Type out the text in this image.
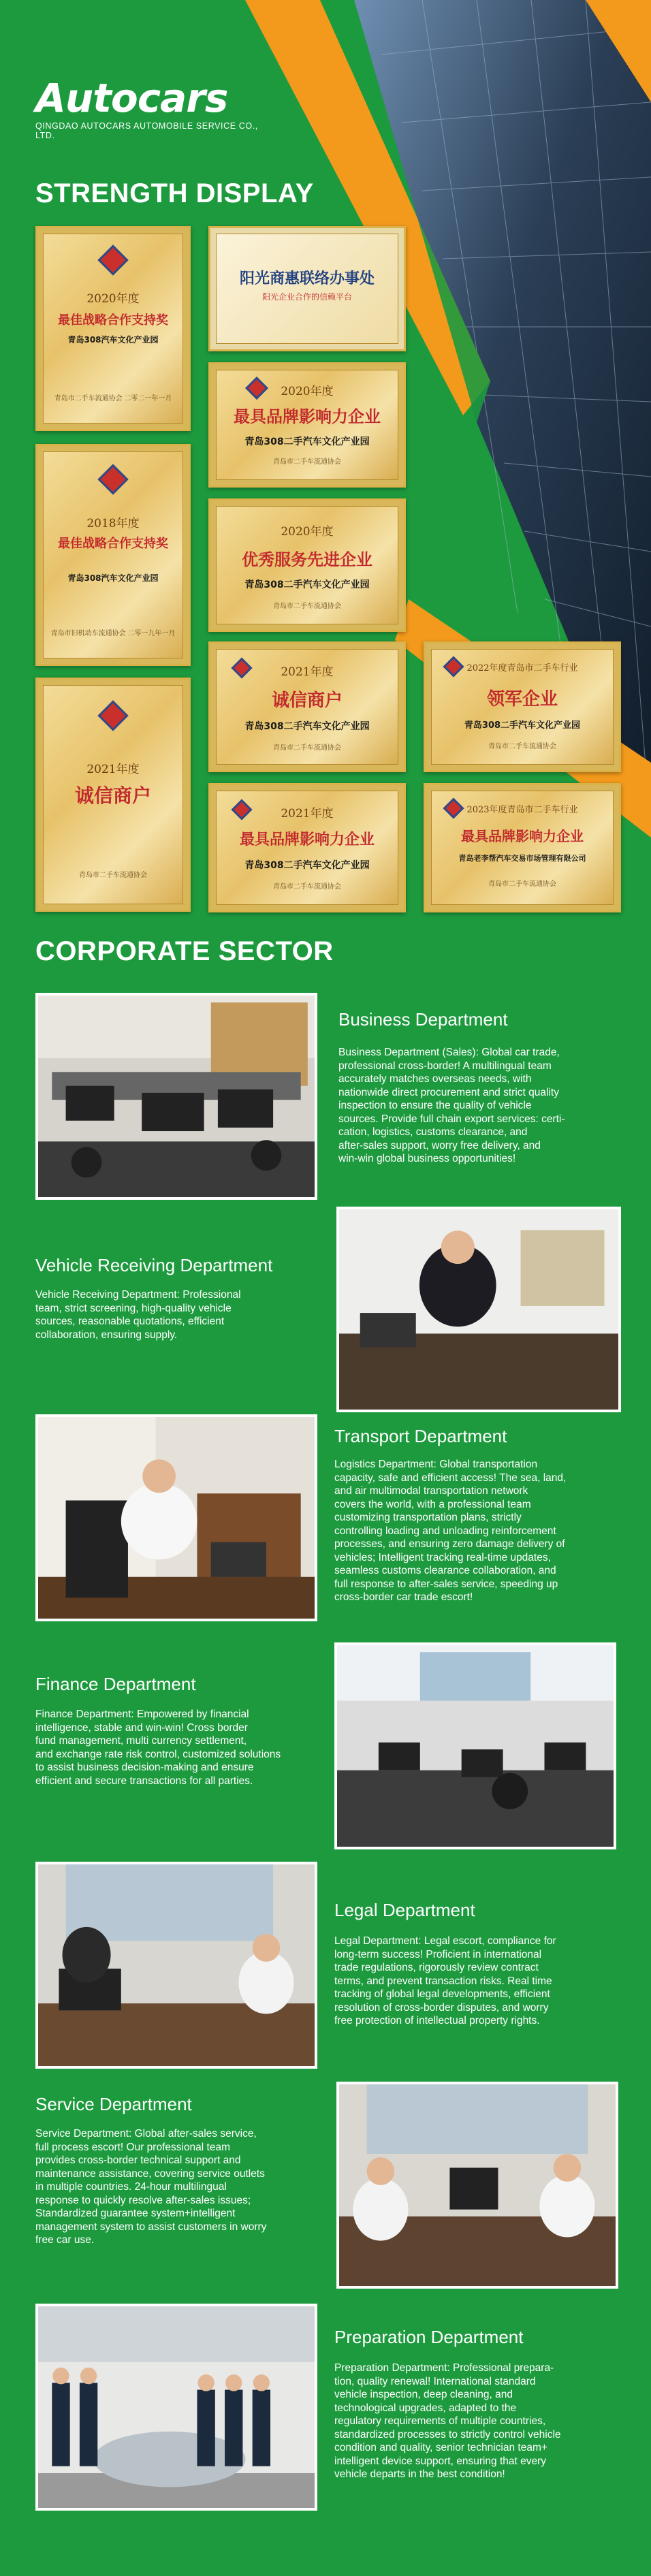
Autocars
QINGDAO AUTOCARS AUTOMOBILE SERVICE CO., LTD.
STRENGTH DISPLAY
2020年度
最佳战略合作支持奖
青岛308汽车文化产业园
青岛市二手车流通协会 二零二一年一月
阳光商惠联络办事处
阳光企业合作的信赖平台
2020年度
最具品牌影响力企业
青岛308二手汽车文化产业园
青岛市二手车流通协会
2018年度
最佳战略合作支持奖
青岛308汽车文化产业园
青岛市旧机动车流通协会 二零一九年一月
2020年度
优秀服务先进企业
青岛308二手汽车文化产业园
青岛市二手车流通协会
2021年度
诚信商户
青岛308二手汽车文化产业园
青岛市二手车流通协会
2022年度青岛市二手车行业
领军企业
青岛308二手汽车文化产业园
青岛市二手车流通协会
2021年度
诚信商户
青岛市二手车流通协会
2021年度
最具品牌影响力企业
青岛308二手汽车文化产业园
青岛市二手车流通协会
2023年度青岛市二手车行业
最具品牌影响力企业
青岛老李帮汽车交易市场管理有限公司
青岛市二手车流通协会
CORPORATE SECTOR
Business Department
Business Department (Sales): Global car trade,
professional cross-border! A multilingual team
accurately matches overseas needs, with
nationwide direct procurement and strict quality
inspection to ensure the quality of vehicle
sources. Provide full chain export services: certi-
cation, logistics, customs clearance, and
after-sales support, worry free delivery, and
win-win global business opportunities!
Vehicle Receiving Department
Vehicle Receiving Department: Professional
team, strict screening, high-quality vehicle
sources, reasonable quotations, efficient
collaboration, ensuring supply.
Transport Department
Logistics Department: Global transportation
capacity, safe and efficient access! The sea, land,
and air multimodal transportation network
covers the world, with a professional team
customizing transportation plans, strictly
controlling loading and unloading reinforcement
processes, and ensuring zero damage delivery of
vehicles; Intelligent tracking real-time updates,
seamless customs clearance collaboration, and
full response to after-sales service, speeding up
cross-border car trade escort!
Finance Department
Finance Department: Empowered by financial
intelligence, stable and win-win! Cross border
fund management, multi currency settlement,
and exchange rate risk control, customized solutions
to assist business decision-making and ensure
efficient and secure transactions for all parties.
Legal Department
Legal Department: Legal escort, compliance for
long-term success! Proficient in international
trade regulations, rigorously review contract
terms, and prevent transaction risks. Real time
tracking of global legal developments, efficient
resolution of cross-border disputes, and worry
free protection of intellectual property rights.
Service Department
Service Department: Global after-sales service,
full process escort! Our professional team
provides cross-border technical support and
maintenance assistance, covering service outlets
in multiple countries. 24-hour multilingual
response to quickly resolve after-sales issues;
Standardized guarantee system+intelligent
management system to assist customers in worry
free car use.
Preparation Department
Preparation Department: Professional prepara-
tion, quality renewal! International standard
vehicle inspection, deep cleaning, and
technological upgrades, adapted to the
regulatory requirements of multiple countries,
standardized processes to strictly control vehicle
condition and quality, senior technician team+
intelligent device support, ensuring that every
vehicle departs in the best condition!
